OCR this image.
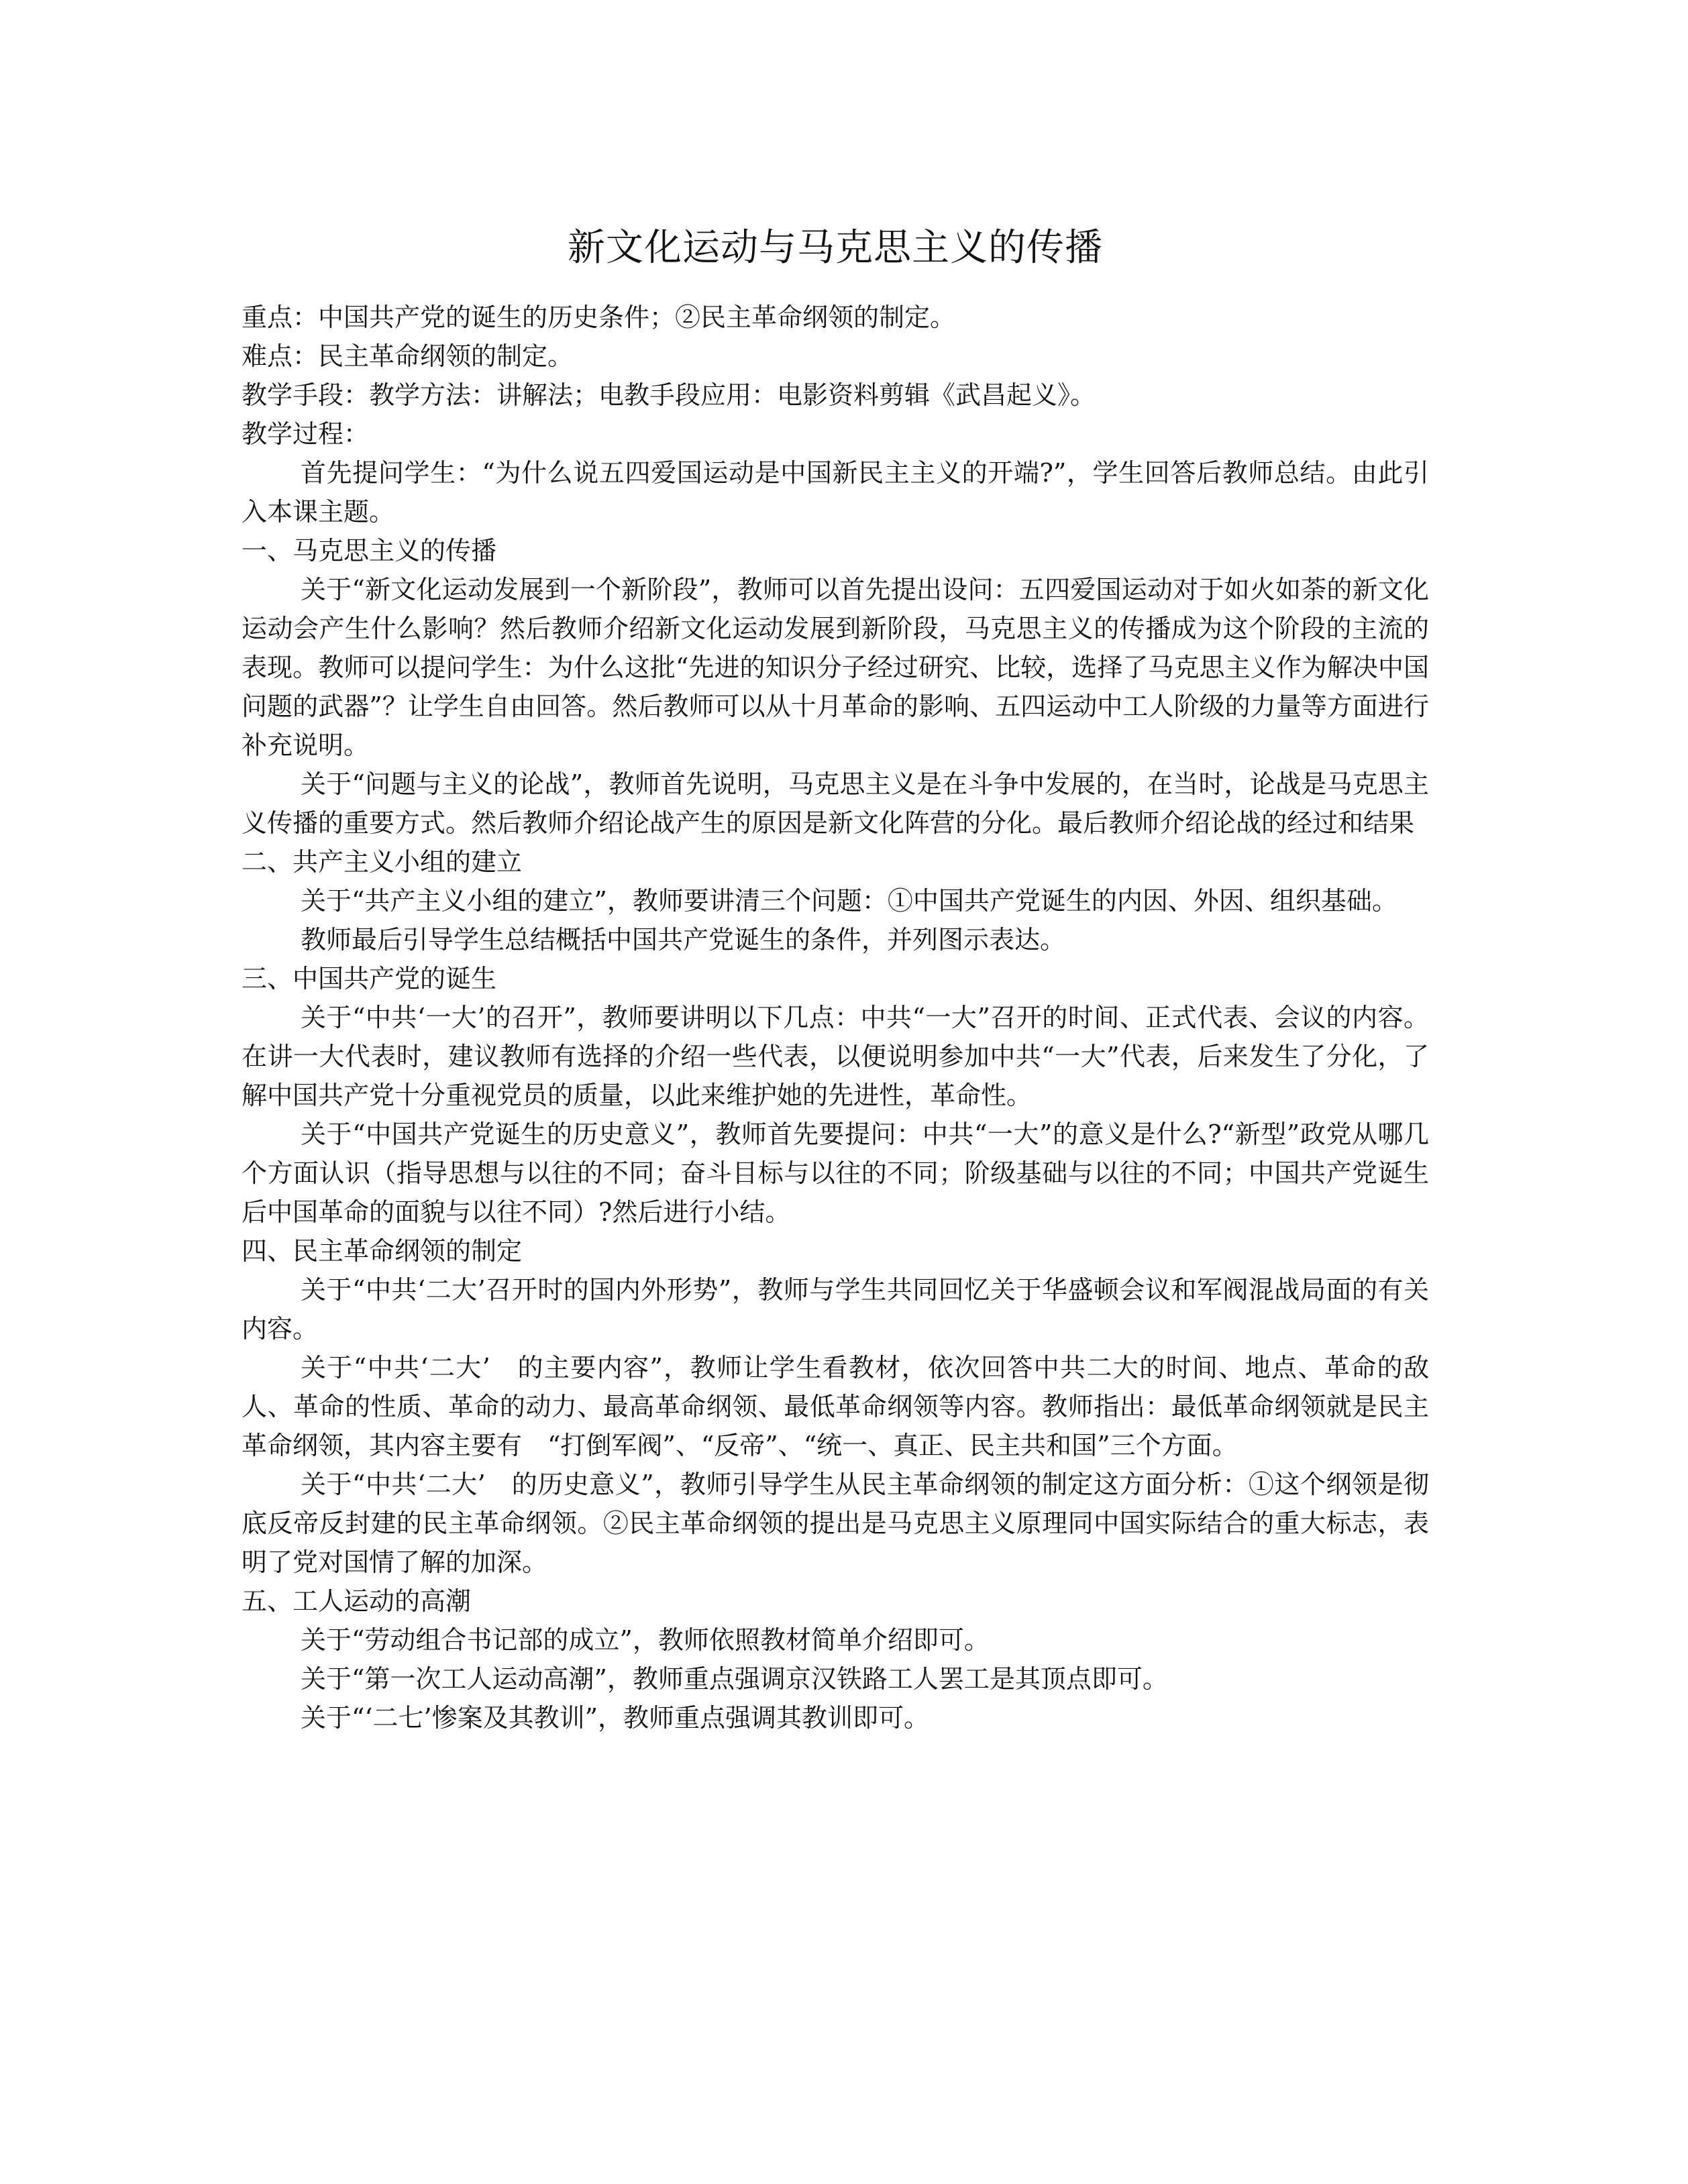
新文化运动与马克思主义的传播

重点：中国共产党的诞生的历史条件；②民主革命纲领的制定。

难点：民主革命纲领的制定。

教学手段：教学方法：讲解法；电教手段应用：电影资料剪辑《武昌起义》。

教学过程：

首先提问学生：“为什么说五四爱国运动是中国新民主主义的开端?”，学生回答后教师总结。由此引入本课主题。

一、马克思主义的传播

关于“新文化运动发展到一个新阶段”，教师可以首先提出设问：五四爱国运动对于如火如荼的新文化运动会产生什么影响？然后教师介绍新文化运动发展到新阶段，马克思主义的传播成为这个阶段的主流的表现。教师可以提问学生：为什么这批“先进的知识分子经过研究、比较，选择了马克思主义作为解决中国问题的武器”？让学生自由回答。然后教师可以从十月革命的影响、五四运动中工人阶级的力量等方面进行补充说明。

关于“问题与主义的论战”，教师首先说明，马克思主义是在斗争中发展的，在当时，论战是马克思主义传播的重要方式。然后教师介绍论战产生的原因是新文化阵营的分化。最后教师介绍论战的经过和结果

二、共产主义小组的建立

关于“共产主义小组的建立”，教师要讲清三个问题：①中国共产党诞生的内因、外因、组织基础。

教师最后引导学生总结概括中国共产党诞生的条件，并列图示表达。

三、中国共产党的诞生

关于“中共‘一大’的召开”，教师要讲明以下几点：中共“一大”召开的时间、正式代表、会议的内容。在讲一大代表时，建议教师有选择的介绍一些代表，以便说明参加中共“一大”代表，后来发生了分化，了解中国共产党十分重视党员的质量，以此来维护她的先进性，革命性。

关于“中国共产党诞生的历史意义”，教师首先要提问：中共“一大”的意义是什么?“新型”政党从哪几个方面认识（指导思想与以往的不同；奋斗目标与以往的不同；阶级基础与以往的不同；中国共产党诞生后中国革命的面貌与以往不同）?然后进行小结。

四、民主革命纲领的制定

关于“中共‘二大’召开时的国内外形势”，教师与学生共同回忆关于华盛顿会议和军阀混战局面的有关内容。

关于“中共‘二大’　的主要内容”，教师让学生看教材，依次回答中共二大的时间、地点、革命的敌人、革命的性质、革命的动力、最高革命纲领、最低革命纲领等内容。教师指出：最低革命纲领就是民主革命纲领，其内容主要有　“打倒军阀”、“反帝”、“统一、真正、民主共和国”三个方面。

关于“中共‘二大’　的历史意义”，教师引导学生从民主革命纲领的制定这方面分析：①这个纲领是彻底反帝反封建的民主革命纲领。②民主革命纲领的提出是马克思主义原理同中国实际结合的重大标志，表明了党对国情了解的加深。

五、工人运动的高潮

关于“劳动组合书记部的成立”，教师依照教材简单介绍即可。

关于“第一次工人运动高潮”，教师重点强调京汉铁路工人罢工是其顶点即可。

关于“‘二七’惨案及其教训”，教师重点强调其教训即可。
